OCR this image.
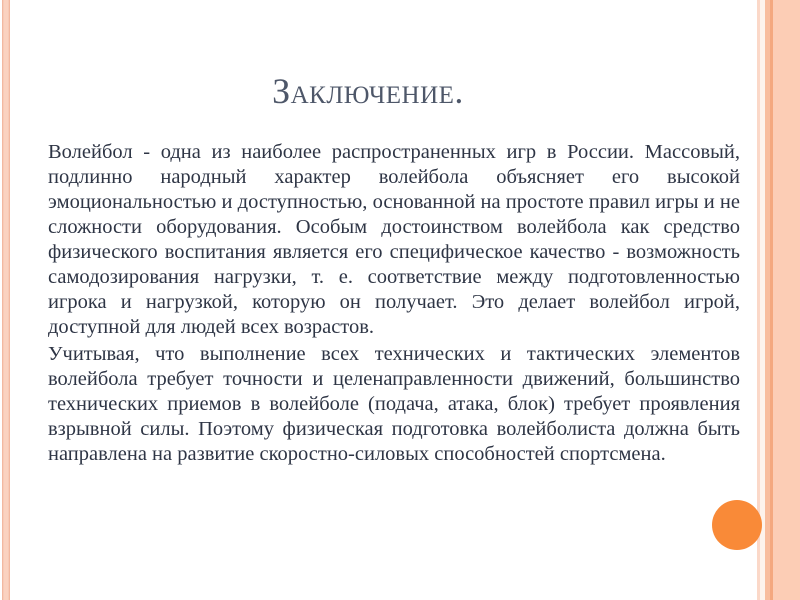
Заключение.

Волейбол - одна из наиболее распространенных игр в России. Массовый, подлинно народный характер волейбола объясняет его высокой эмоциональностью и доступностью, основанной на простоте правил игры и не сложности оборудования. Особым достоинством волейбола как средство физического воспитания является его специфическое качество - возможность самодозирования нагрузки, т. е. соответствие между подготовленностью игрока и нагрузкой, которую он получает. Это делает волейбол игрой, доступной для людей всех возрастов.

Учитывая, что выполнение всех технических и тактических элементов волейбола требует точности и целенаправленности движений, большинство технических приемов в волейболе (подача, атака, блок) требует проявления взрывной силы. Поэтому физическая подготовка волейболиста должна быть направлена на развитие скоростно-силовых способностей спортсмена.
